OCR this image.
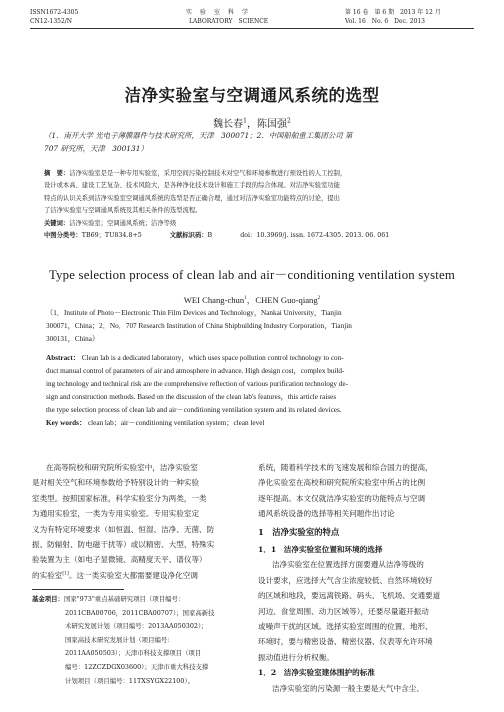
ISSN1672-4305
CN12-1352/N
实　验　室　科　学
LABORATORY　SCIENCE
第 16 卷　第 6 期　2013 年 12 月
Vol. 16　No. 6　Dec. 2013
洁净实验室与空调通风系统的选型
魏长春$^1$，陈国强$^2$
（1．南开大学 光电子薄膜器件与技术研究所，天津　300071；2．中国船舶重工集团公司 第
707 研究所，天津　300131）
摘　要：洁净实验室是是一种专用实验室，采用空间污染控制技术对空气和环境参数进行预设性的人工控制，
设计或本高、建设工艺复杂、技术风险大，是各种净化技术设计和施工手段的综合体现。对洁净实验室功能
特点的认识关系到洁净实验室空调通风系统的选型是否正确合理，通过对洁净实验室功能特点的讨论，提出
了洁净实验室与空调通风系统及其相关条件的选型流程。
关键词：洁净实验室；空调通风系统；洁净等级
中图分类号：TB69；TU834.8+5	文献标识码：B	doi：10.3969/j. issn. 1672-4305. 2013. 06. 061
Type selection process of clean lab and air－conditioning ventilation system
WEI Chang-chun$^1$，CHEN Guo-qiang$^2$
（1．Institute of Photo－Electronic Thin Film Devices and Technology，Nankai University，Tianjin
300071，China；2．No．707 Research Institution of China Shipbuilding Industry Corporation，Tianjin
300131，China）
Abstract： Clean lab is a dedicated laboratory，which uses space pollution control technology to con-
duct manual control of parameters of air and atmosphere in advance. High design cost，complex build-
ing technology and technical risk are the comprehensive reflection of various purification technology de-
sign and construction methods. Based on the discussion of the clean lab's features，this article raises
the type selection process of clean lab and air－conditioning ventilation system and its related devices.
Key words： clean lab；air－conditioning ventilation system；clean level
在高等院校和研究院所实验室中，洁净实验室
是对相关空气和环境参数给予特别设计的一种实验
室类型。按照国家标准，科学实验室分为两类，一类
为通用实验室，一类为专用实验室。专用实验室定
义为有特定环境要求（如恒温、恒湿、洁净、无菌、防
振、防辐射、防电磁干扰等）或以精密、大型、特殊实
验装置为主（如电子显微镜、高精度天平、谱仪等）
的实验室[1]。这一类实验室大都需要建设净化空调
基金项目：国家"973"重点基础研究项目（项目编号：
2011CBA00706，2011CBA00707）；国家高新技
术研究发展计划（项目编号：2013AA050302）；
国家高技术研究发展计划（项目编号：
2011AA050503）；天津市科技支撑项目（项目
编号：12ZCZDGX03600）；天津市重大科技支撑
计划项目（项目编号：11TXSYGX22100）。
系统，随着科学技术的飞速发展和综合国力的提高，
净化实验室在高校和研究院所实验室中所占的比例
逐年提高。本文仅就洁净实验室的功能特点与空调
通风系统设备的选择等相关问题作出讨论
1　洁净实验室的特点
1．1　洁净实验室位置和环境的选择
洁净实验室在位置选择方面要遵从洁净等级的
设计要求，应选择大气含尘浓度较低、自然环境较好
的区域和地段，要远离铁路、码头、飞机场、交通要道
河边、食堂周围、动力区域等），还要尽量避开振动
或噪声干扰的区域。选择实验室周围的位置、地形、
环境时，要与精密设备、精密仪器、仪表等允许环境
振动值进行分析权衡。
1．2　洁净实验室建体围护的标准
洁净实验室的污染源一般主要是大气中含尘、
